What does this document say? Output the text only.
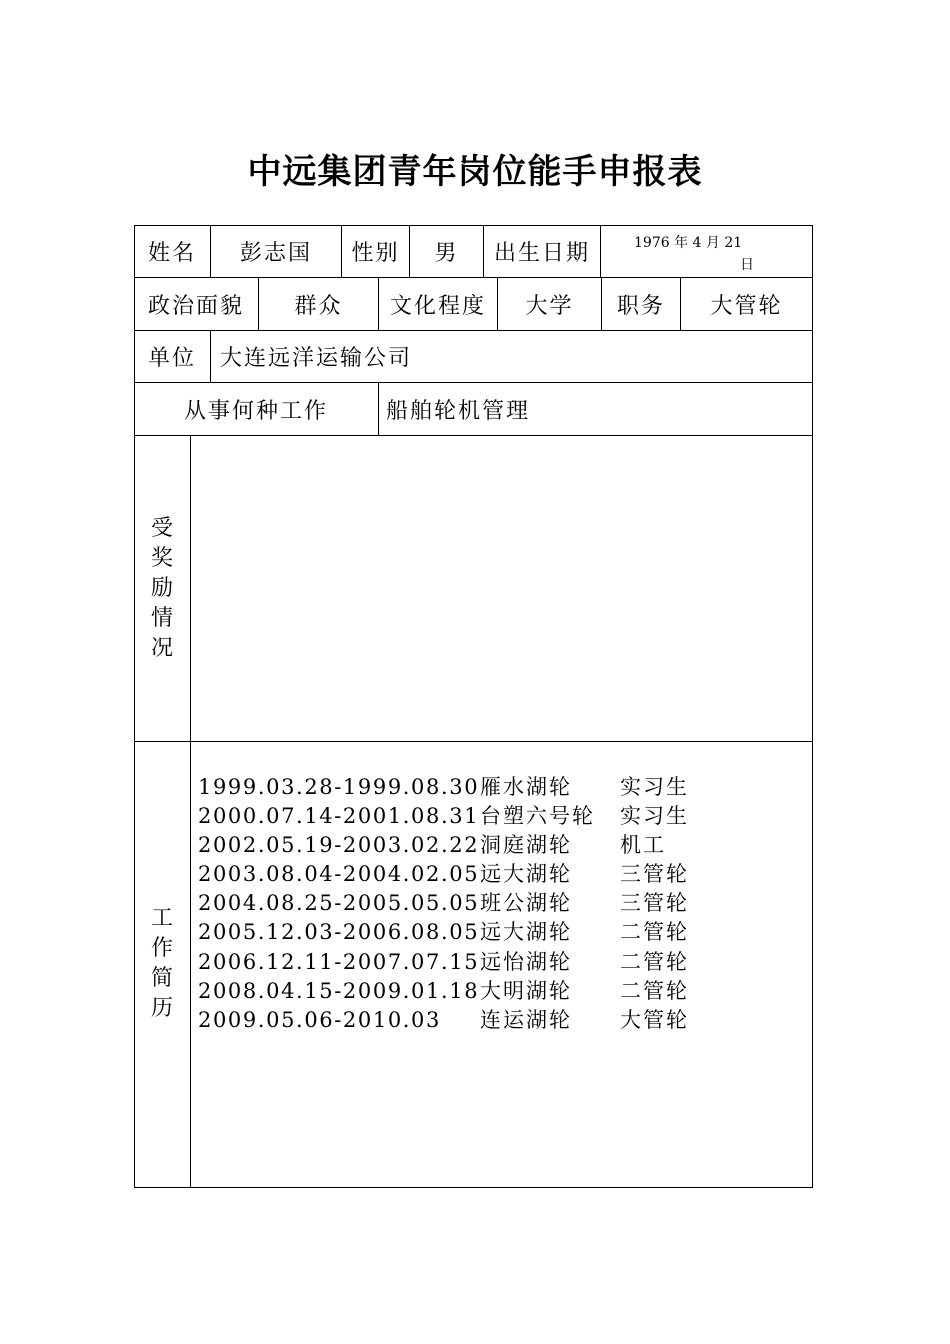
中远集团青年岗位能手申报表
姓名	彭志国	性别	男	出生日期	1976 年 4 月 21
日
政治面貌	群众	文化程度	大学	职务	大管轮
单位	大连远洋运输公司
从事何种工作	船舶轮机管理
受
奖
励
情
况
工
作
简
历
1999.03.28-1999.08.30 雁水湖轮 实习生
2000.07.14-2001.08.31 台塑六号轮 实习生
2002.05.19-2003.02.22 洞庭湖轮 机工
2003.08.04-2004.02.05 远大湖轮 三管轮
2004.08.25-2005.05.05 班公湖轮 三管轮
2005.12.03-2006.08.05 远大湖轮 二管轮
2006.12.11-2007.07.15 远怡湖轮 二管轮
2008.04.15-2009.01.18 大明湖轮 二管轮
2009.05.06-2010.03 连运湖轮 大管轮
